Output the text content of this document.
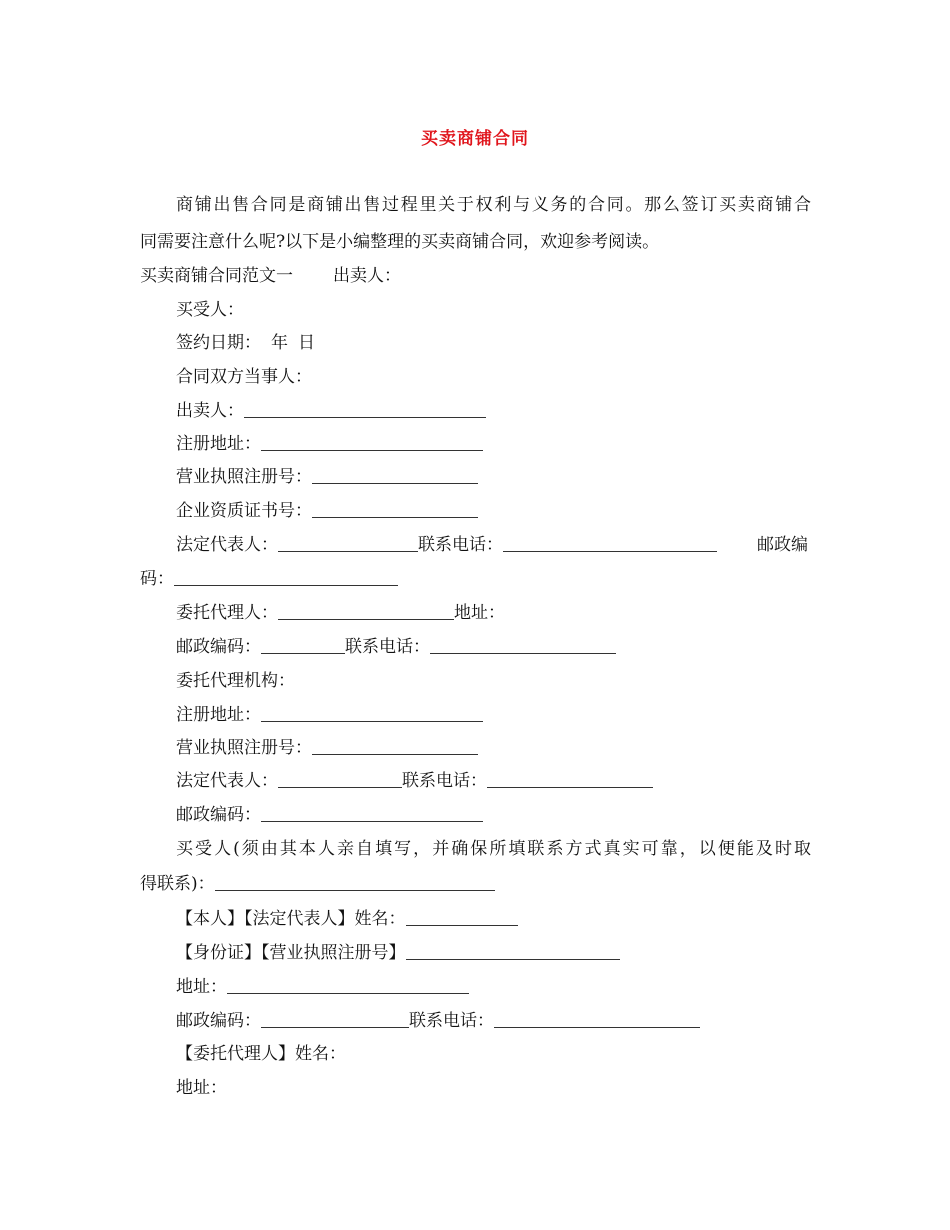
买卖商铺合同
商铺出售合同是商铺出售过程里关于权利与义务的合同。那么签订买卖商铺合
同需要注意什么呢?以下是小编整理的买卖商铺合同，欢迎参考阅读。
买卖商铺合同范文一 出卖人：
买受人：
签约日期： 年 日
合同双方当事人：
出卖人：
注册地址：
营业执照注册号：
企业资质证书号：
法定代表人：	联系电话：	邮政编
码：
委托代理人：	地址：
邮政编码：	联系电话：
委托代理机构：
注册地址：
营业执照注册号：
法定代表人：	联系电话：
邮政编码：
买受人(须由其本人亲自填写，并确保所填联系方式真实可靠，以便能及时取
得联系)：
【本人】【法定代表人】姓名：
【身份证】【营业执照注册号】
地址：
邮政编码：	联系电话：
【委托代理人】姓名：
地址：
